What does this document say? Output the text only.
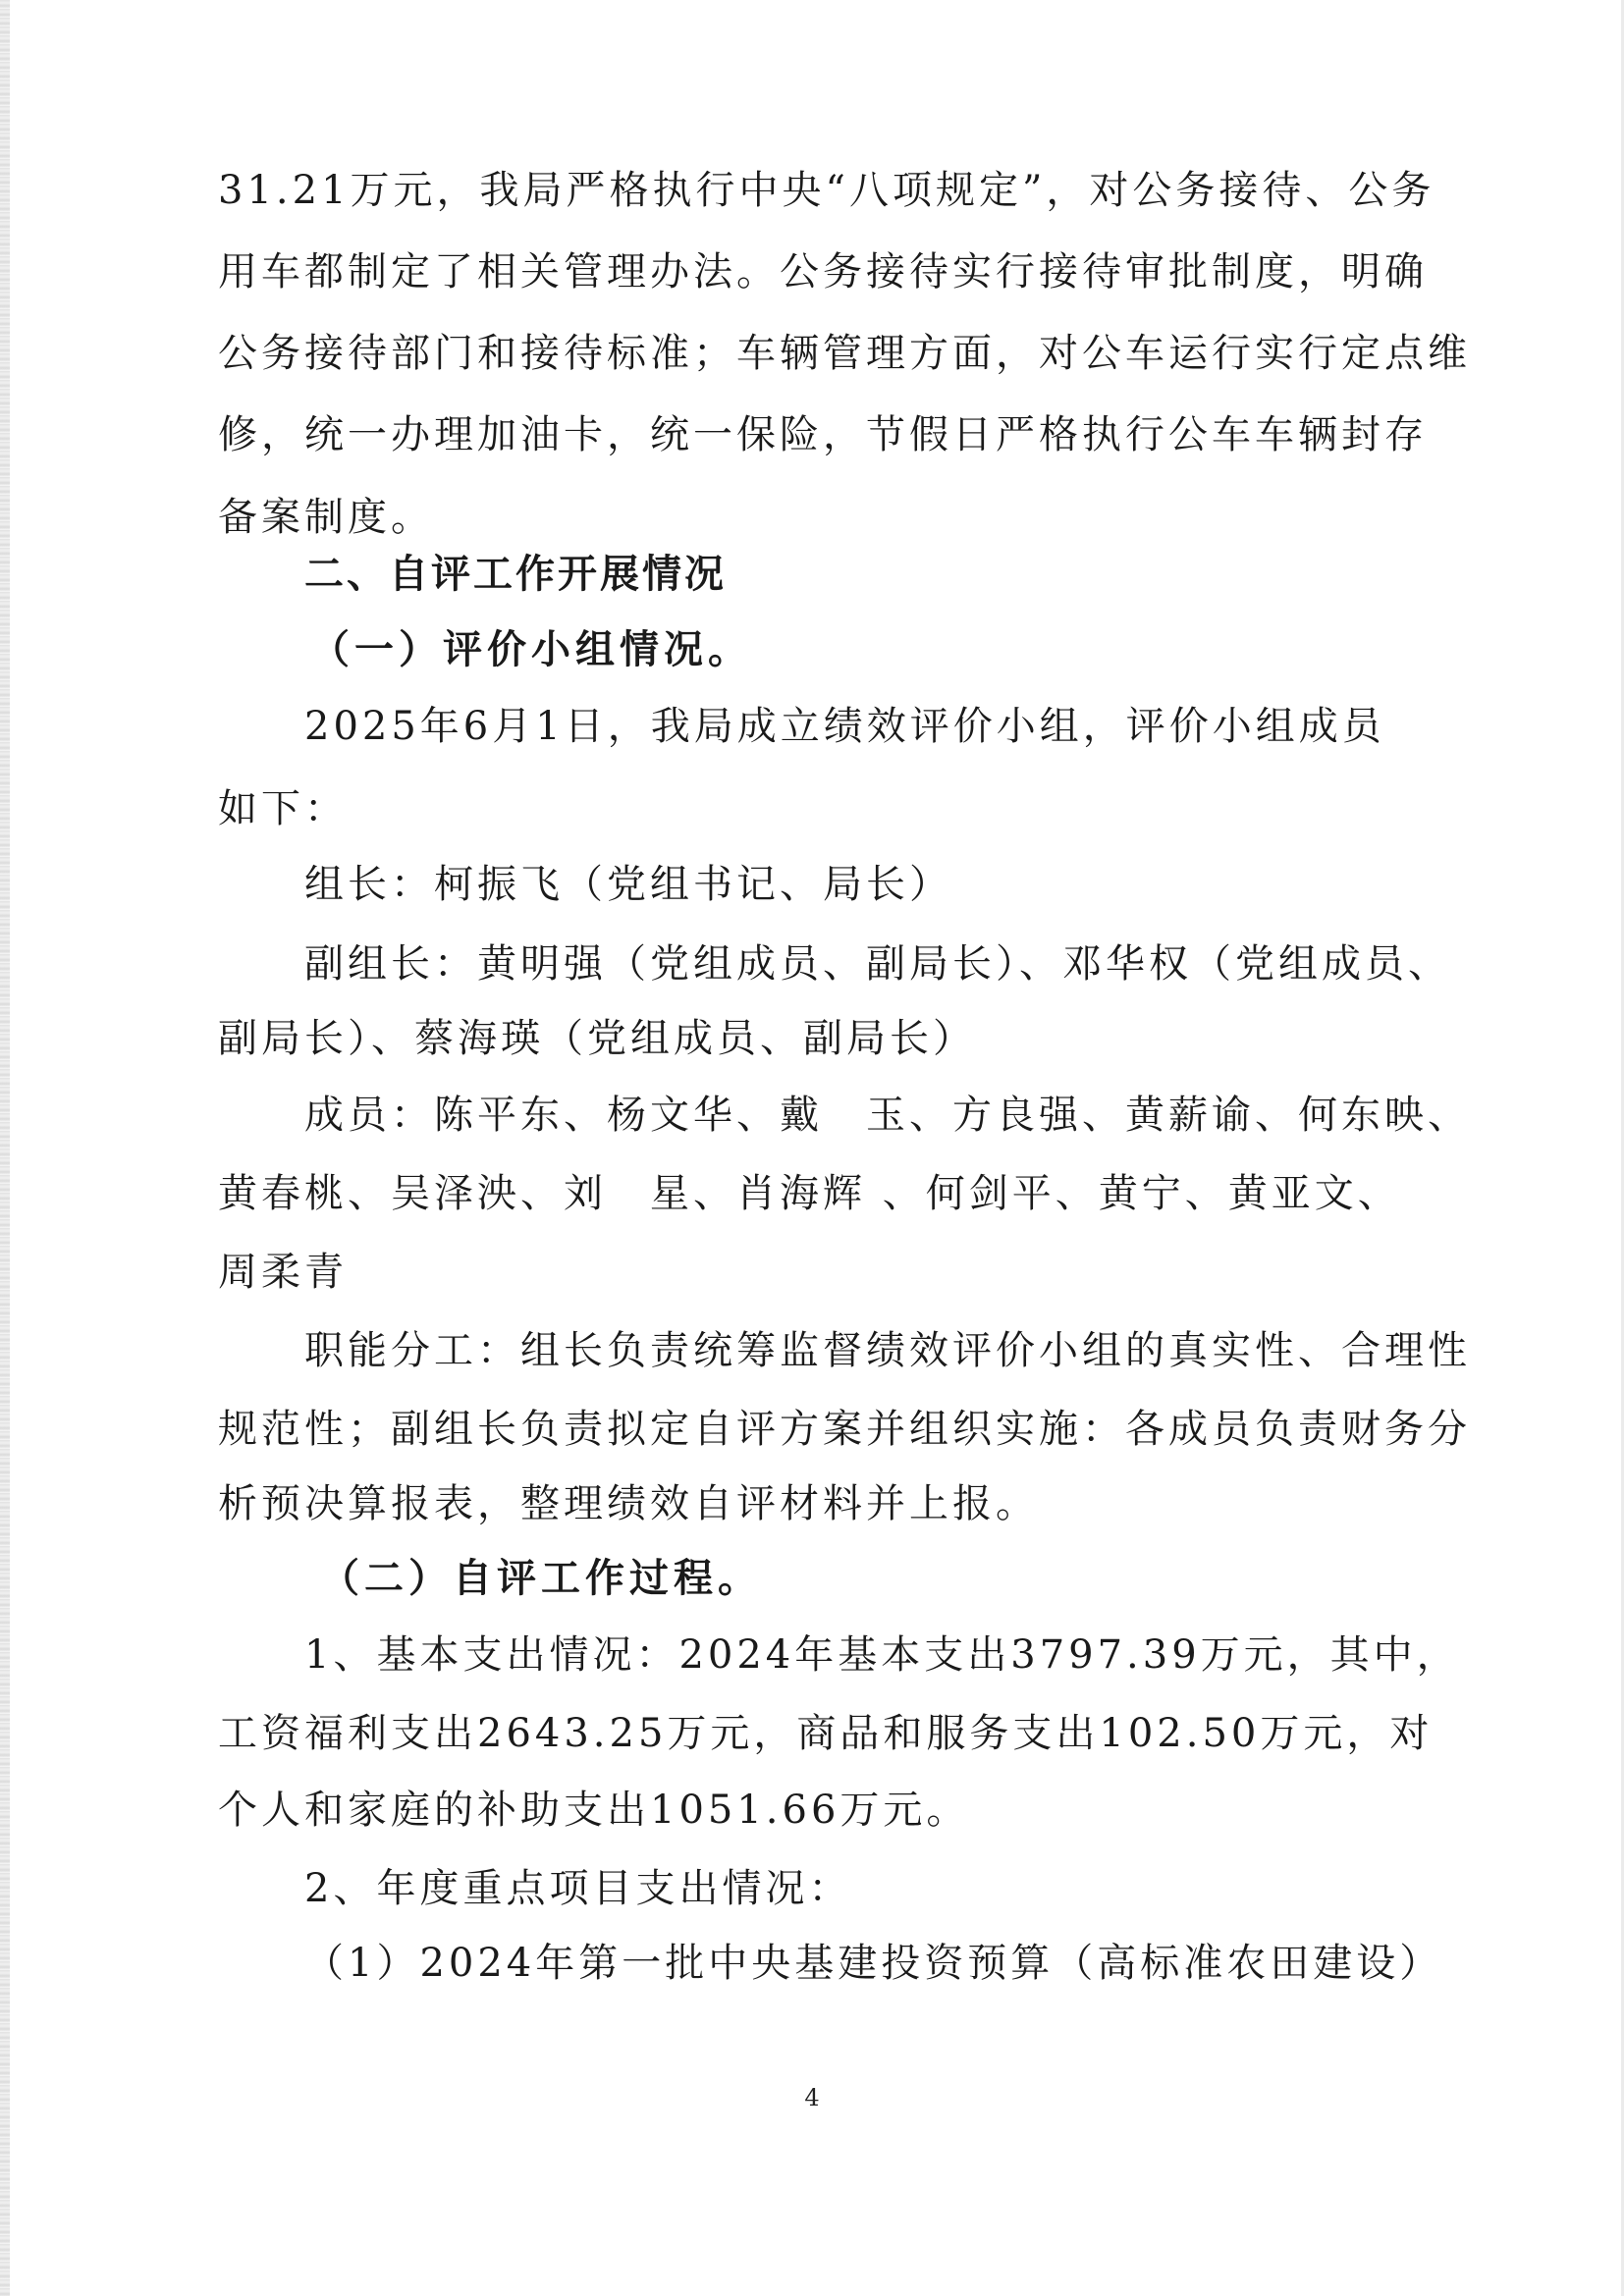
31.21万元，我局严格执行中央“八项规定”，对公务接待、公务
用车都制定了相关管理办法。公务接待实行接待审批制度，明确
公务接待部门和接待标准；车辆管理方面，对公车运行实行定点维
修，统一办理加油卡，统一保险，节假日严格执行公车车辆封存
备案制度。
二、自评工作开展情况
（一）评价小组情况。
2025年6月1日，我局成立绩效评价小组，评价小组成员
如下：
组长：柯振飞（党组书记、局长）
副组长：黄明强（党组成员、副局长）、邓华权（党组成员、
副局长）、蔡海瑛（党组成员、副局长）
成员：陈平东、杨文华、戴　玉、方良强、黄薪谕、何东映、
黄春桃、吴泽泱、刘　星、肖海辉 、何剑平、黄宁、黄亚文、
周柔青
职能分工：组长负责统筹监督绩效评价小组的真实性、合理性
规范性；副组长负责拟定自评方案并组织实施：各成员负责财务分
析预决算报表，整理绩效自评材料并上报。
（二）自评工作过程。
1、基本支出情况：2024年基本支出3797.39万元，其中，
工资福利支出2643.25万元，商品和服务支出102.50万元，对
个人和家庭的补助支出1051.66万元。
2、年度重点项目支出情况：
（1）2024年第一批中央基建投资预算（高标准农田建设）
4
